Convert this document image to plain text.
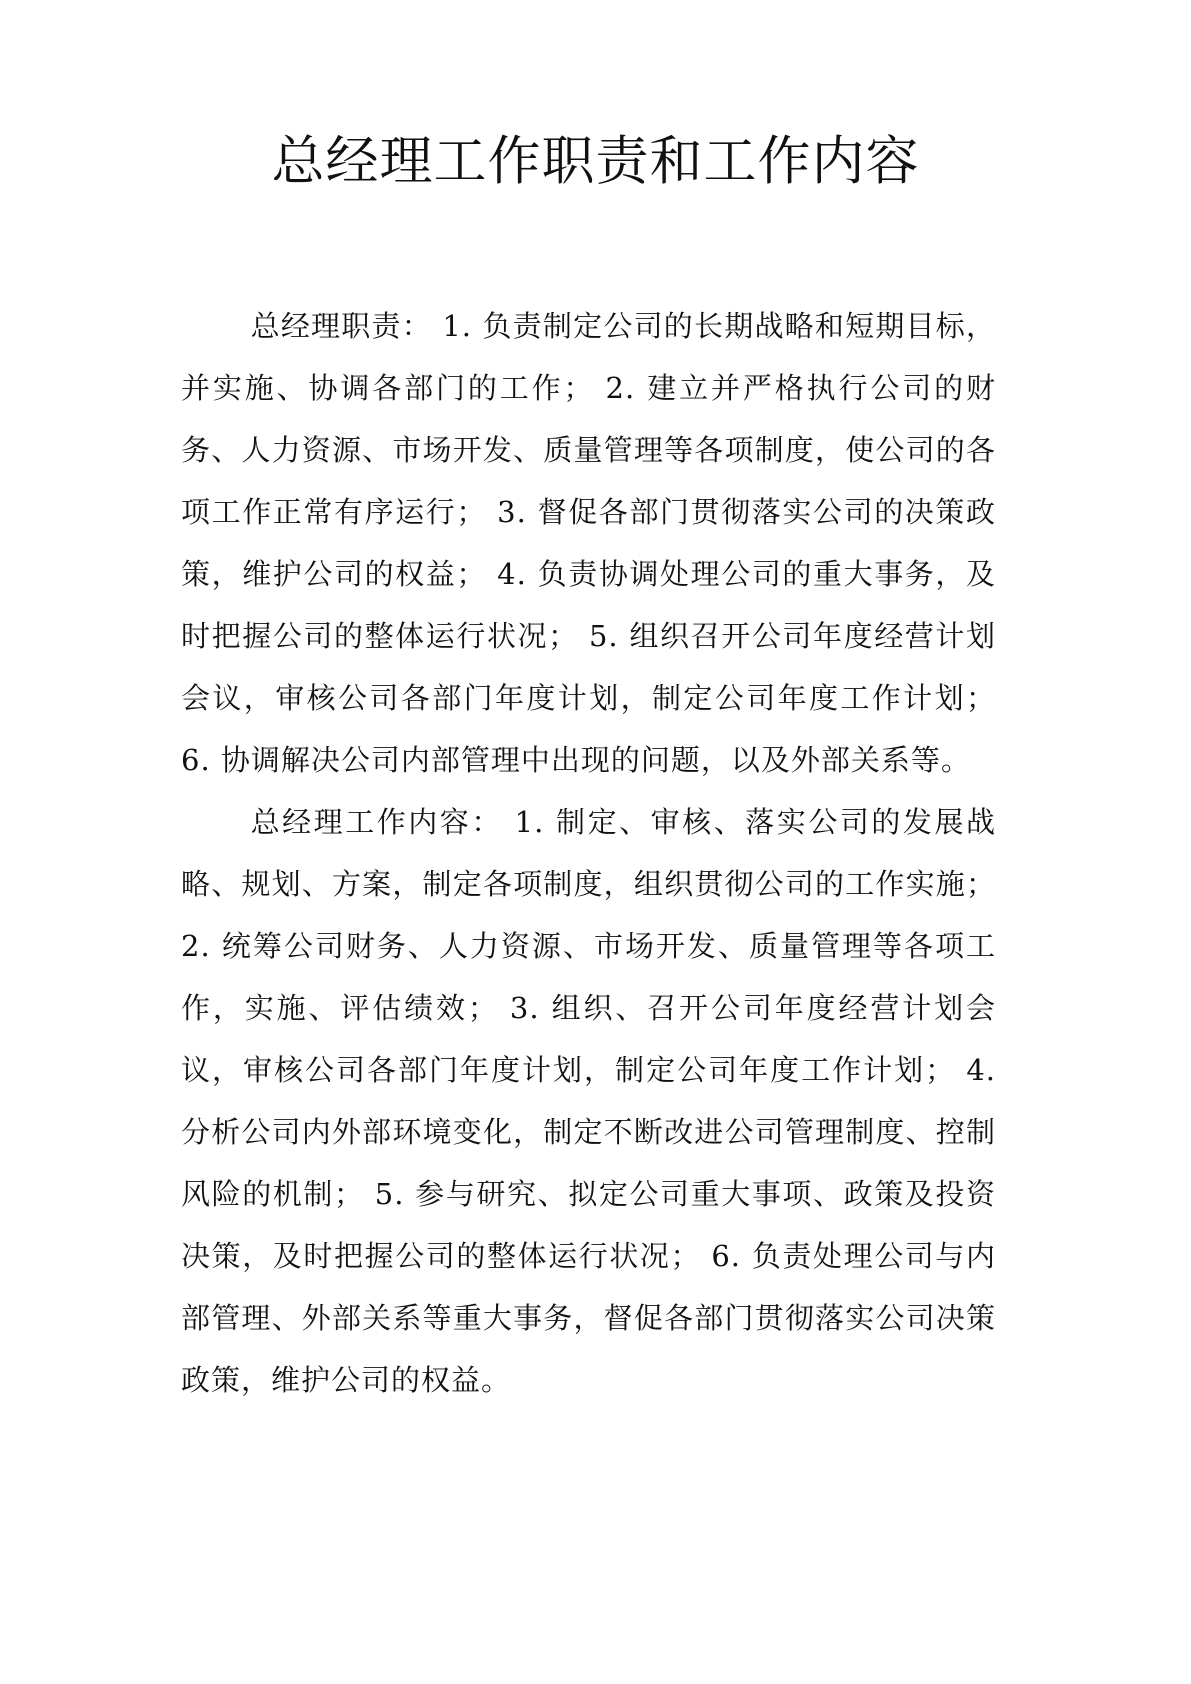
总经理工作职责和工作内容

总经理职责： 1. 负责制定公司的长期战略和短期目标，并实施、协调各部门的工作； 2. 建立并严格执行公司的财务、人力资源、市场开发、质量管理等各项制度，使公司的各项工作正常有序运行； 3. 督促各部门贯彻落实公司的决策政策，维护公司的权益； 4. 负责协调处理公司的重大事务，及时把握公司的整体运行状况； 5. 组织召开公司年度经营计划会议，审核公司各部门年度计划，制定公司年度工作计划； 6. 协调解决公司内部管理中出现的问题，以及外部关系等。

总经理工作内容： 1. 制定、审核、落实公司的发展战略、规划、方案，制定各项制度，组织贯彻公司的工作实施； 2. 统筹公司财务、人力资源、市场开发、质量管理等各项工作，实施、评估绩效； 3. 组织、召开公司年度经营计划会议，审核公司各部门年度计划，制定公司年度工作计划； 4. 分析公司内外部环境变化，制定不断改进公司管理制度、控制风险的机制； 5. 参与研究、拟定公司重大事项、政策及投资决策，及时把握公司的整体运行状况； 6. 负责处理公司与内部管理、外部关系等重大事务，督促各部门贯彻落实公司决策政策，维护公司的权益。
